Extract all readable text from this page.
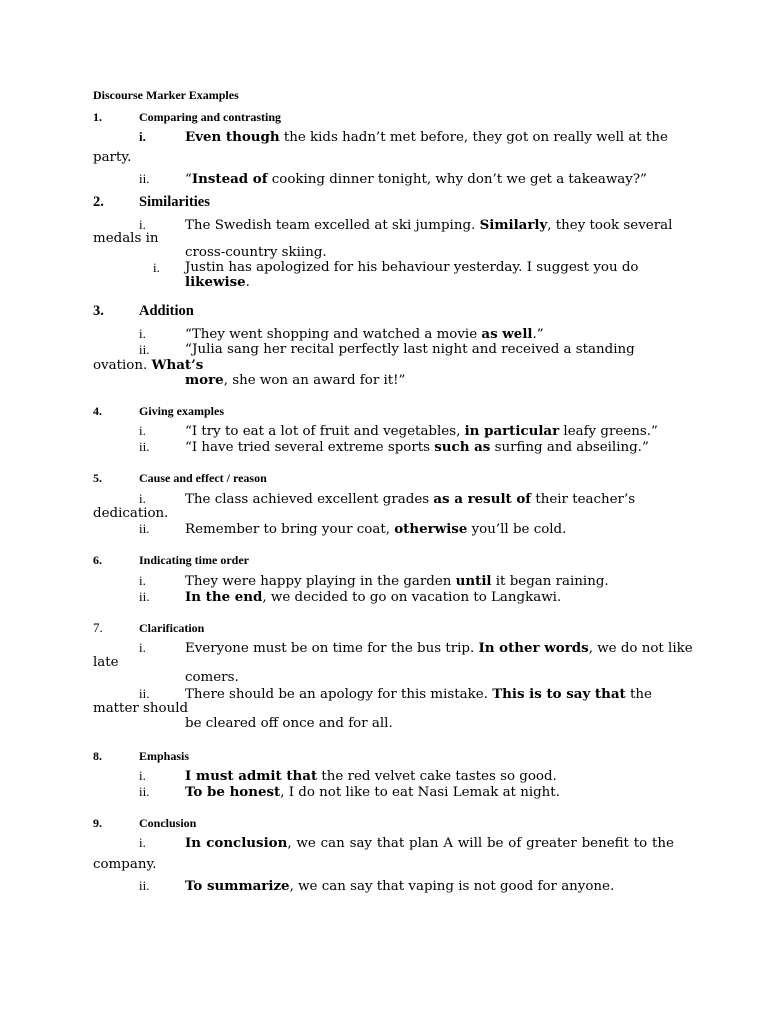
Discourse Marker Examples
1.	Comparing and contrasting
i.	Even though the kids hadn’t met before, they got on really well at the
party.
ii.	“Instead of cooking dinner tonight, why don’t we get a takeaway?”
2. Similarities
i.	The Swedish team excelled at ski jumping. Similarly, they took several
medals in
cross-country skiing.
i. Justin has apologized for his behaviour yesterday. I suggest you do
likewise.
3. Addition
i.	“They went shopping and watched a movie as well.”
ii.	“Julia sang her recital perfectly last night and received a standing
ovation. What’s
more, she won an award for it!”
4.	Giving examples
i.	“I try to eat a lot of fruit and vegetables, in particular leafy greens.”
ii.	“I have tried several extreme sports such as surfing and abseiling.”
5.	Cause and effect / reason
i.	The class achieved excellent grades as a result of their teacher’s
dedication.
ii.	Remember to bring your coat, otherwise you’ll be cold.
6.	Indicating time order
i.	They were happy playing in the garden until it began raining.
ii.	In the end, we decided to go on vacation to Langkawi.
7.	Clarification
i.	Everyone must be on time for the bus trip. In other words, we do not like
late
comers.
ii.	There should be an apology for this mistake. This is to say that the
matter should
be cleared off once and for all.
8.	Emphasis
i.	I must admit that the red velvet cake tastes so good.
ii.	To be honest, I do not like to eat Nasi Lemak at night.
9.	Conclusion
i.	In conclusion, we can say that plan A will be of greater benefit to the
company.
ii.	To summarize, we can say that vaping is not good for anyone.
